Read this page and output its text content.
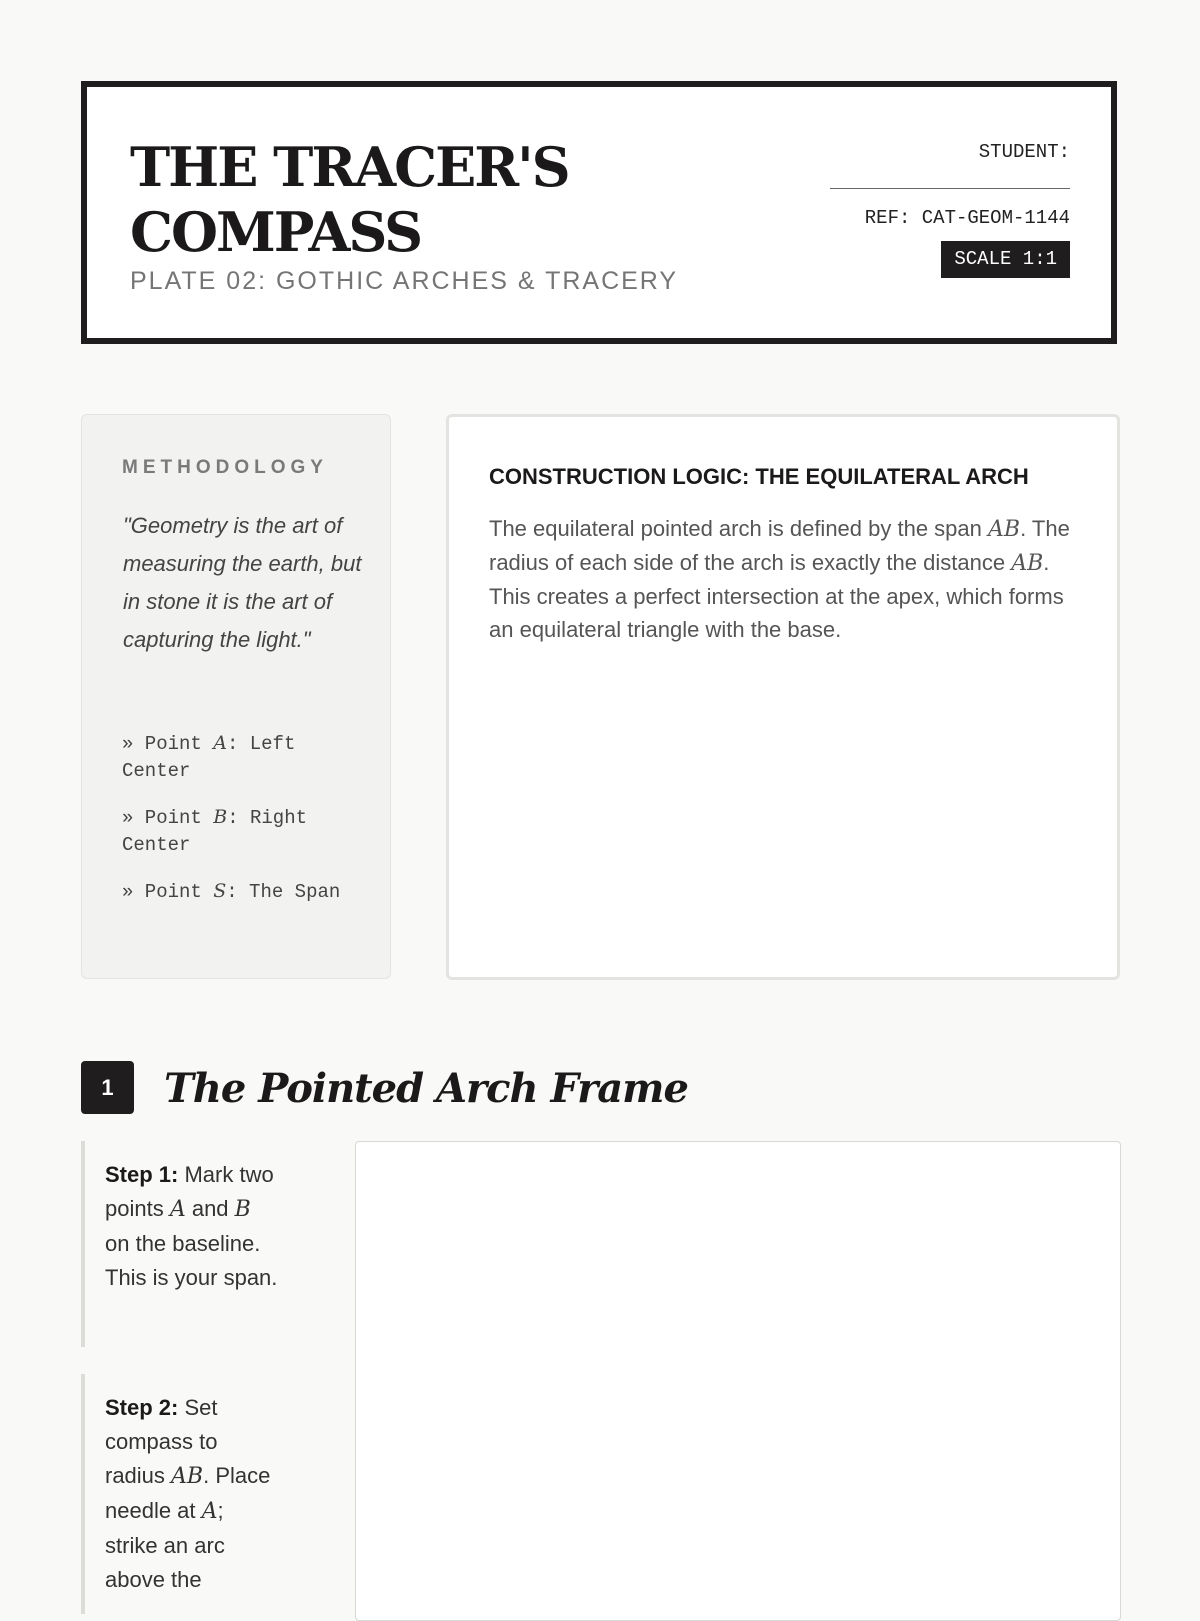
THE TRACER'S
COMPASS
PLATE 02: GOTHIC ARCHES & TRACERY
STUDENT:
REF: CAT-GEOM-1144
SCALE 1:1
METHODOLOGY

"Geometry is the art of measuring the earth, but in stone it is the art of capturing the light."

» Point A: Left Center
» Point B: Right Center
» Point S: The Span
CONSTRUCTION LOGIC: THE EQUILATERAL ARCH

The equilateral pointed arch is defined by the span AB. The radius of each side of the arch is exactly the distance AB. This creates a perfect intersection at the apex, which forms an equilateral triangle with the base.

1	The Pointed Arch Frame
Step 1: Mark two points A and B on the baseline. This is your span.
Step 2: Set compass to radius AB. Place needle at A; strike an arc above the
